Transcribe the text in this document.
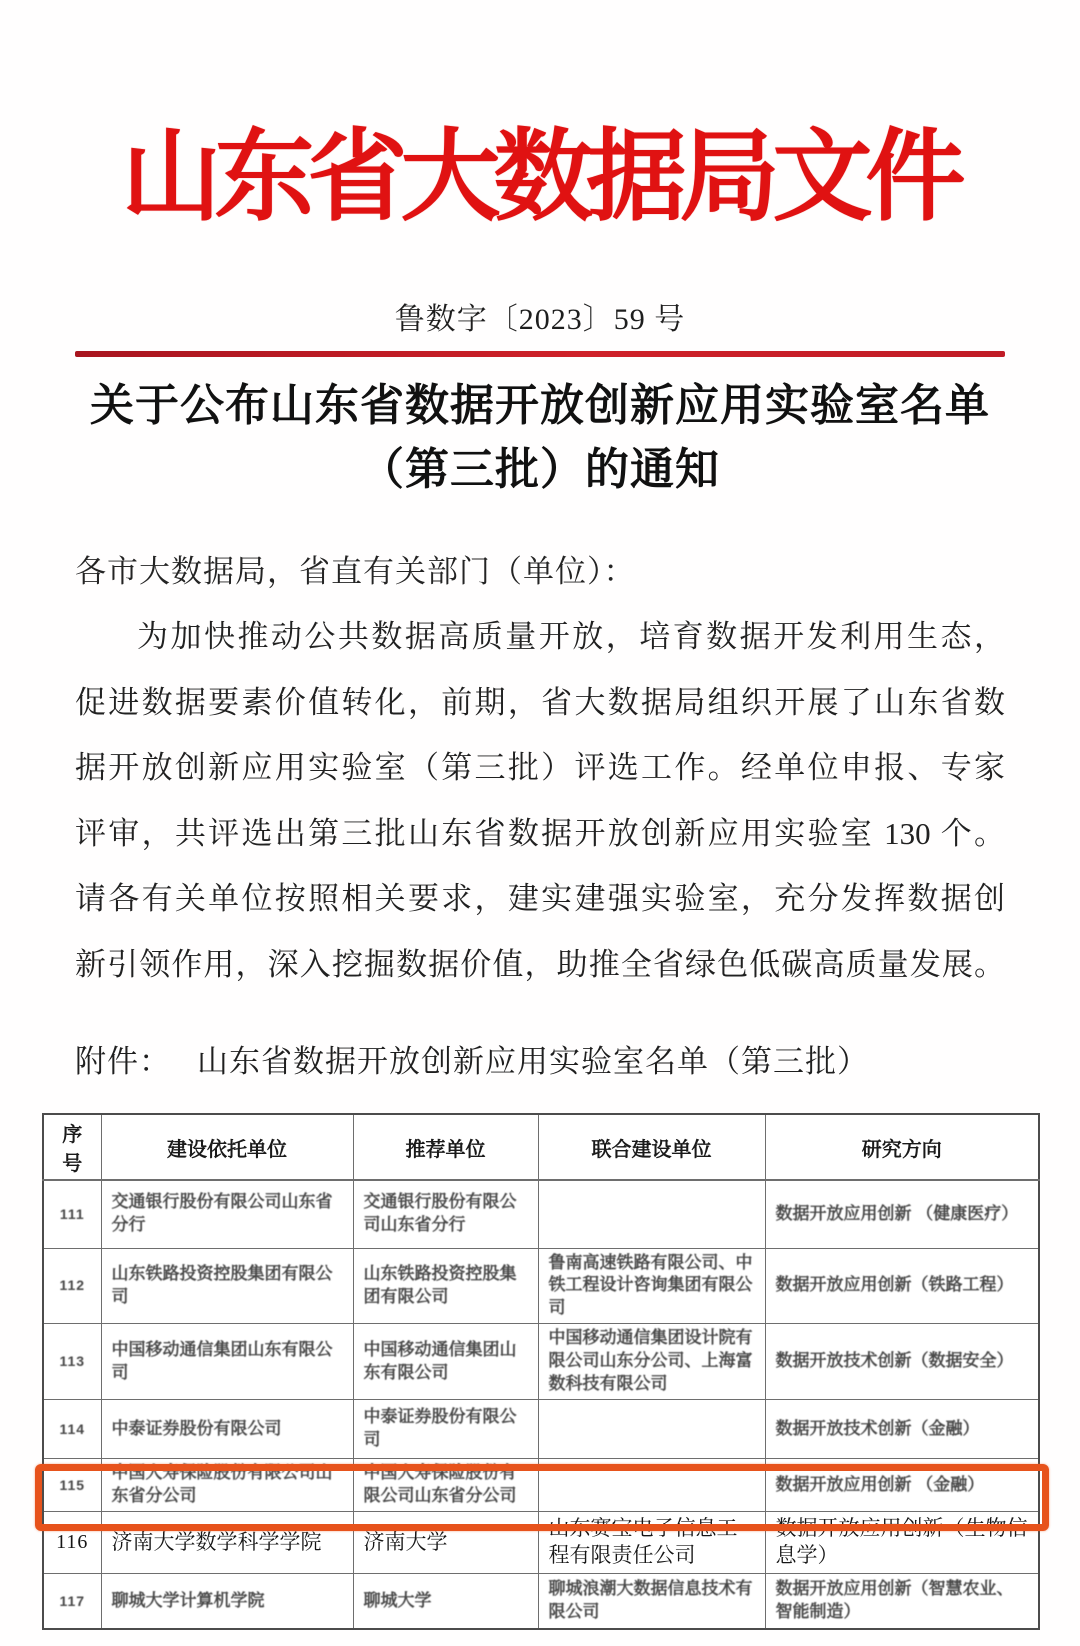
山东省大数据局文件
鲁数字〔2023〕59 号
关于公布山东省数据开放创新应用实验室名单
（第三批）的通知
各市大数据局，省直有关部门（单位）：
为加快推动公共数据高质量开放，培育数据开发利用生态，
促进数据要素价值转化，前期，省大数据局组织开展了山东省数
据开放创新应用实验室（第三批）评选工作。经单位申报、专家
评审，共评选出第三批山东省数据开放创新应用实验室 130 个。
请各有关单位按照相关要求，建实建强实验室，充分发挥数据创
新引领作用，深入挖掘数据价值，助推全省绿色低碳高质量发展。
附件： 山东省数据开放创新应用实验室名单（第三批）
序号	建设依托单位	推荐单位	联合建设单位	研究方向

111	交通银行股份有限公司山东省分行	交通银行股份有限公司山东省分行		数据开放应用创新 （健康医疗）

112	山东铁路投资控股集团有限公司	山东铁路投资控股集团有限公司	鲁南高速铁路有限公司、中铁工程设计咨询集团有限公司	数据开放应用创新（铁路工程）

113	中国移动通信集团山东有限公司	中国移动通信集团山东有限公司	中国移动通信集团设计院有限公司山东分公司、上海富数科技有限公司	数据开放技术创新（数据安全）

114	中泰证券股份有限公司	中泰证券股份有限公司		数据开放技术创新（金融）

115	中国人寿保险股份有限公司山东省分公司	中国人寿保险股份有限公司山东省分公司		数据开放应用创新 （金融）

116	济南大学数学科学学院	济南大学	山东赛宝电子信息工程有限责任公司	数据开放应用创新（生物信息学）

117	聊城大学计算机学院	聊城大学	聊城浪潮大数据信息技术有限公司	数据开放应用创新（智慧农业、智能制造）
